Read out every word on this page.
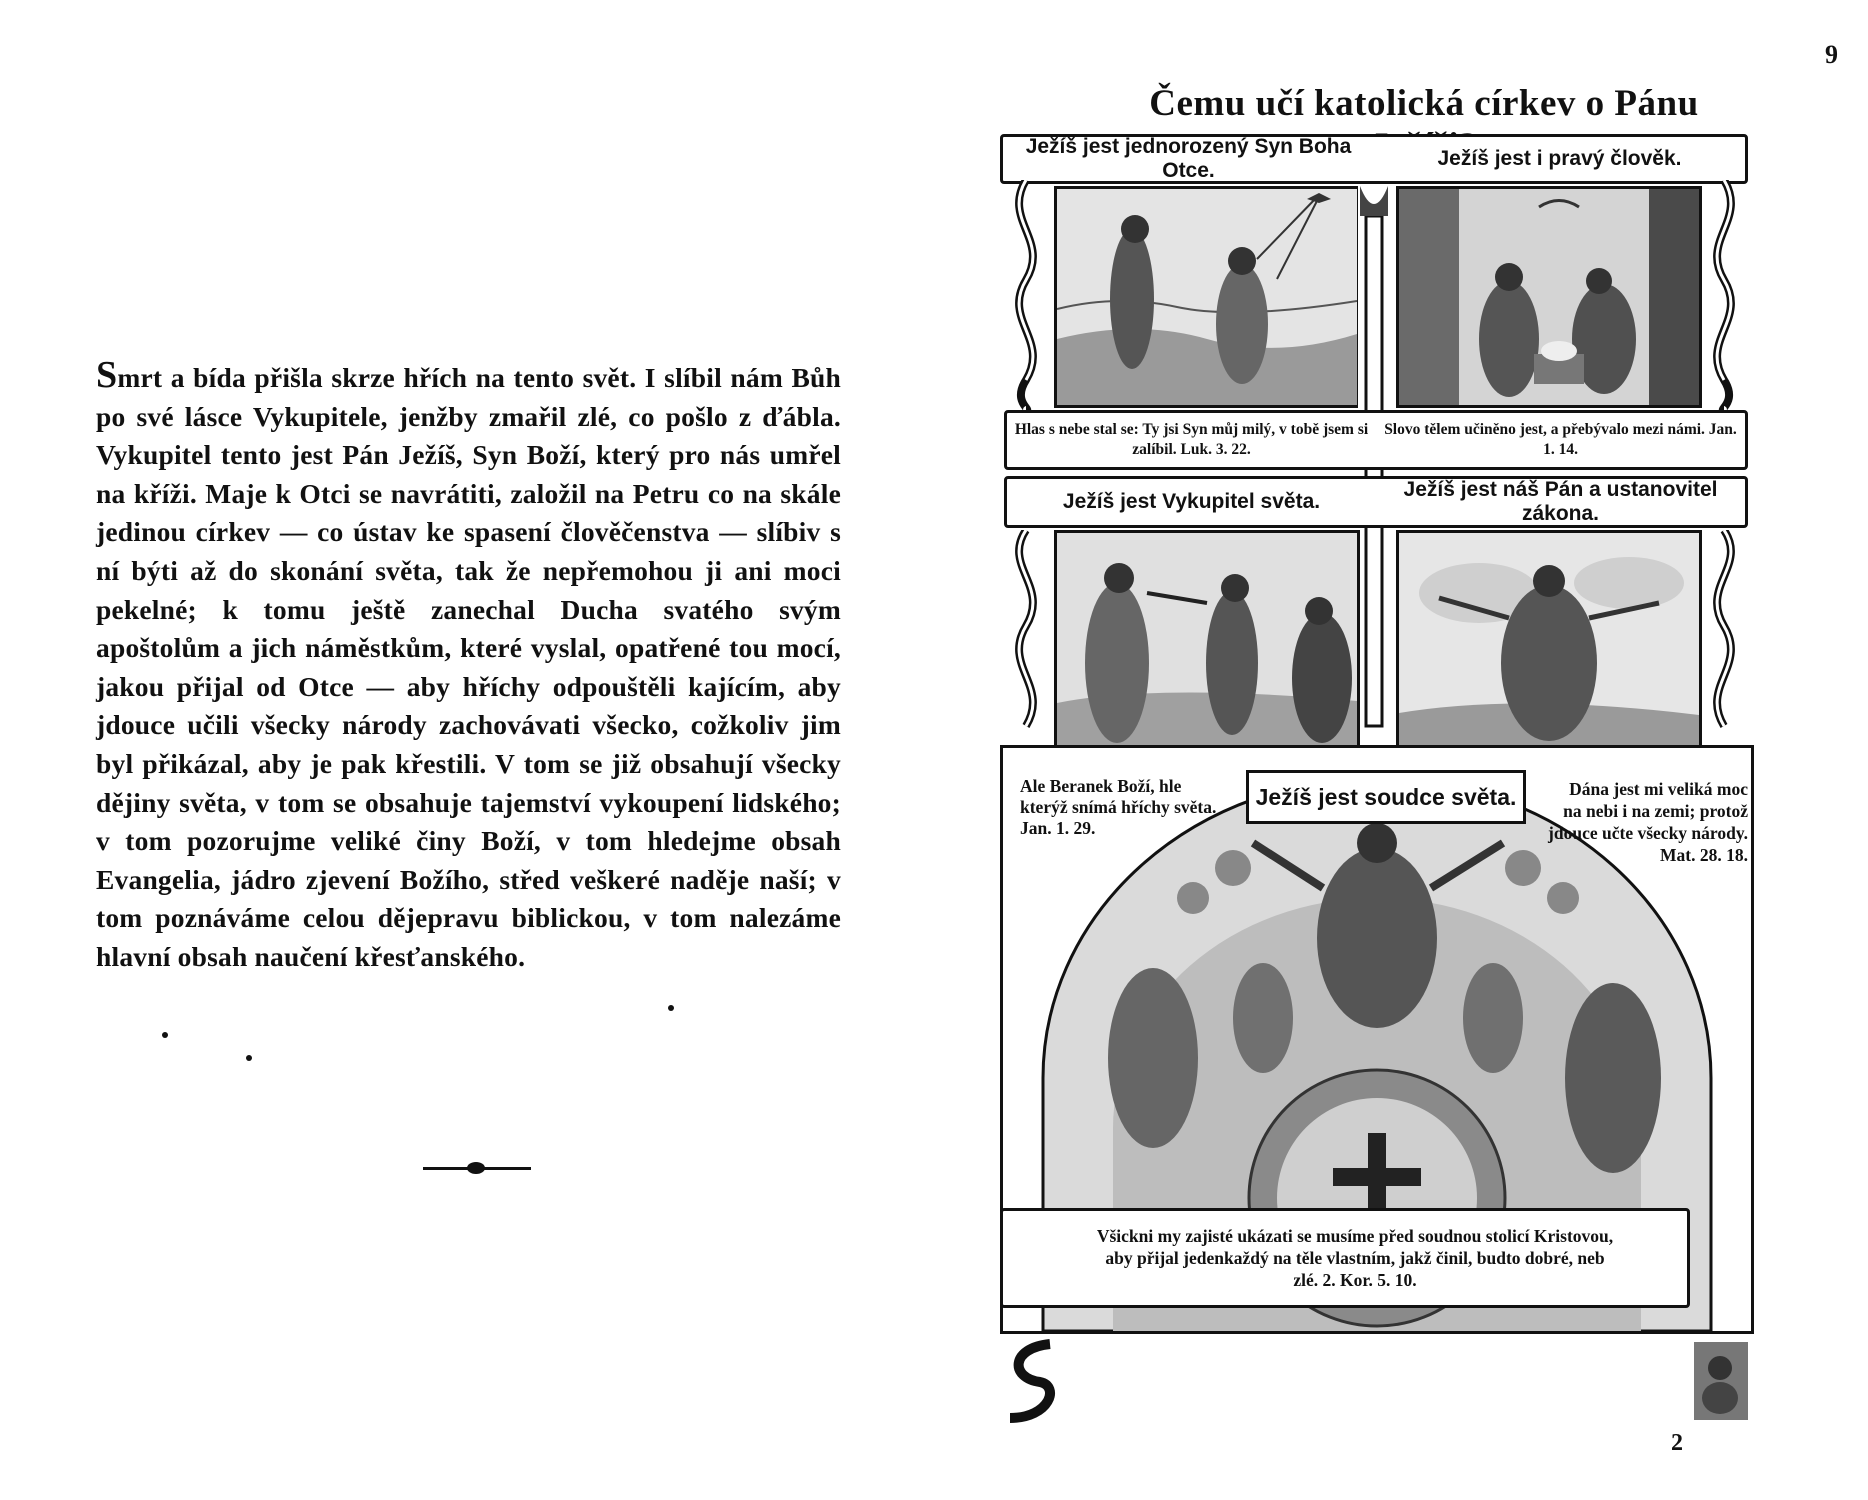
Smrt a bída přišla skrze hřích na tento svět. I slíbil nám Bůh po své lásce Vykupitele, jenžby zmařil zlé, co pošlo z ďábla. Vykupitel tento jest Pán Ježíš, Syn Boží, který pro nás umřel na kříži. Maje k Otci se navrátiti, založil na Petru co na skále jedinou církev — co ústav ke spasení člověčenstva — slíbiv s ní býti až do skonání světa, tak že nepřemohou ji ani moci pekelné; k tomu ještě zanechal Ducha svatého svým apoštolům a jich náměstkům, které vyslal, opatřené tou mocí, jakou přijal od Otce — aby hříchy odpouštěli kajícím, aby jdouce učili všecky národy zachovávati všecko, cožkoliv jim byl přikázal, aby je pak křestili. V tom se již obsahují všecky dějiny světa, v tom se obsahuje tajemství vykoupení lidského; v tom pozorujme veliké činy Boží, v tom hledejme obsah Evangelia, jádro zjevení Božího, střed veškeré naděje naší; v tom poznáváme celou dějepravu biblickou, v tom nalezáme hlavní obsah naučení křesťanského.

9

Čemu učí katolická církev o Pánu
Ježíš jest jednorozený Syn Boha Otce.
Ježíš jest i pravý člověk.
Hlas s nebe stal se: Ty jsi Syn můj milý, v tobě jsem si zalíbil. Luk. 3. 22.
Slovo tělem učiněno jest, a přebývalo mezi námi. Jan. 1. 14.
Ježíš jest Vykupitel světa.
Ježíš jest náš Pán a ustanovitel zákona.
Ježíš jest soudce světa.

Ale Beranek Boží, hle kterýž snímá hříchy světa. Jan. 1. 29.

Dána jest mi veliká moc na nebi i na zemi; protož jdouce učte všecky národy. Mat. 28. 18.

Všickni my zajisté ukázati se musíme před soudnou stolicí Kristovou, aby přijal jedenkaždý na těle vlastním, jakž činil, budto dobré, neb zlé. 2. Kor. 5. 10.

2
